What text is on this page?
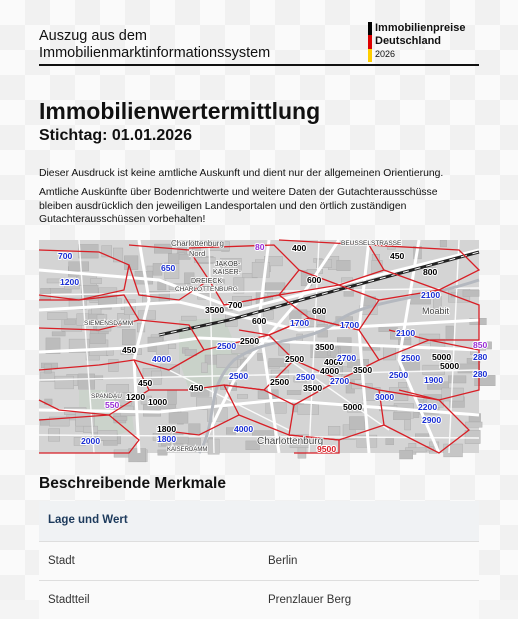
Auszug aus dem
Immobilienmarktinformationssystem
Immobilienpreise
Deutschland
2026
Immobilienwertermittlung
Stichtag: 01.01.2026
Dieser Ausdruck ist keine amtliche Auskunft und dient nur der allgemeinen Orientierung.
Amtliche Auskünfte über Bodenrichtwerte und weitere Daten der Gutachterausschüsse
bleiben ausdrücklich den jeweiligen Landesportalen und den örtlich zuständigen
Gutachterausschüssen vorbehalten!
Charlottenburg
Nord
JAKOB-
KAISER-
DREIECK
CHARLOTTENBURG
SIEMENSDAMM
BEUSSELSTRASSE
Moabit
SPANDAU
Charlottenburg
KAISERDAMM
400
450
800
600
700
3500	600
600
2500
3500
450
2500 4000
3500
4000
2500
3500
450	450
1200 1000
5000
5000
5000
1800
700
650
1200
2100
1700	1700
2100
4000
2500
2700	2500
2500	2500 2700
2500 1900
3000
2200
2900
4000
2000	1800
280
280
80
550
850
9500
Beschreibende Merkmale
Lage und Wert
Stadt	Berlin
Stadtteil	Prenzlauer Berg
